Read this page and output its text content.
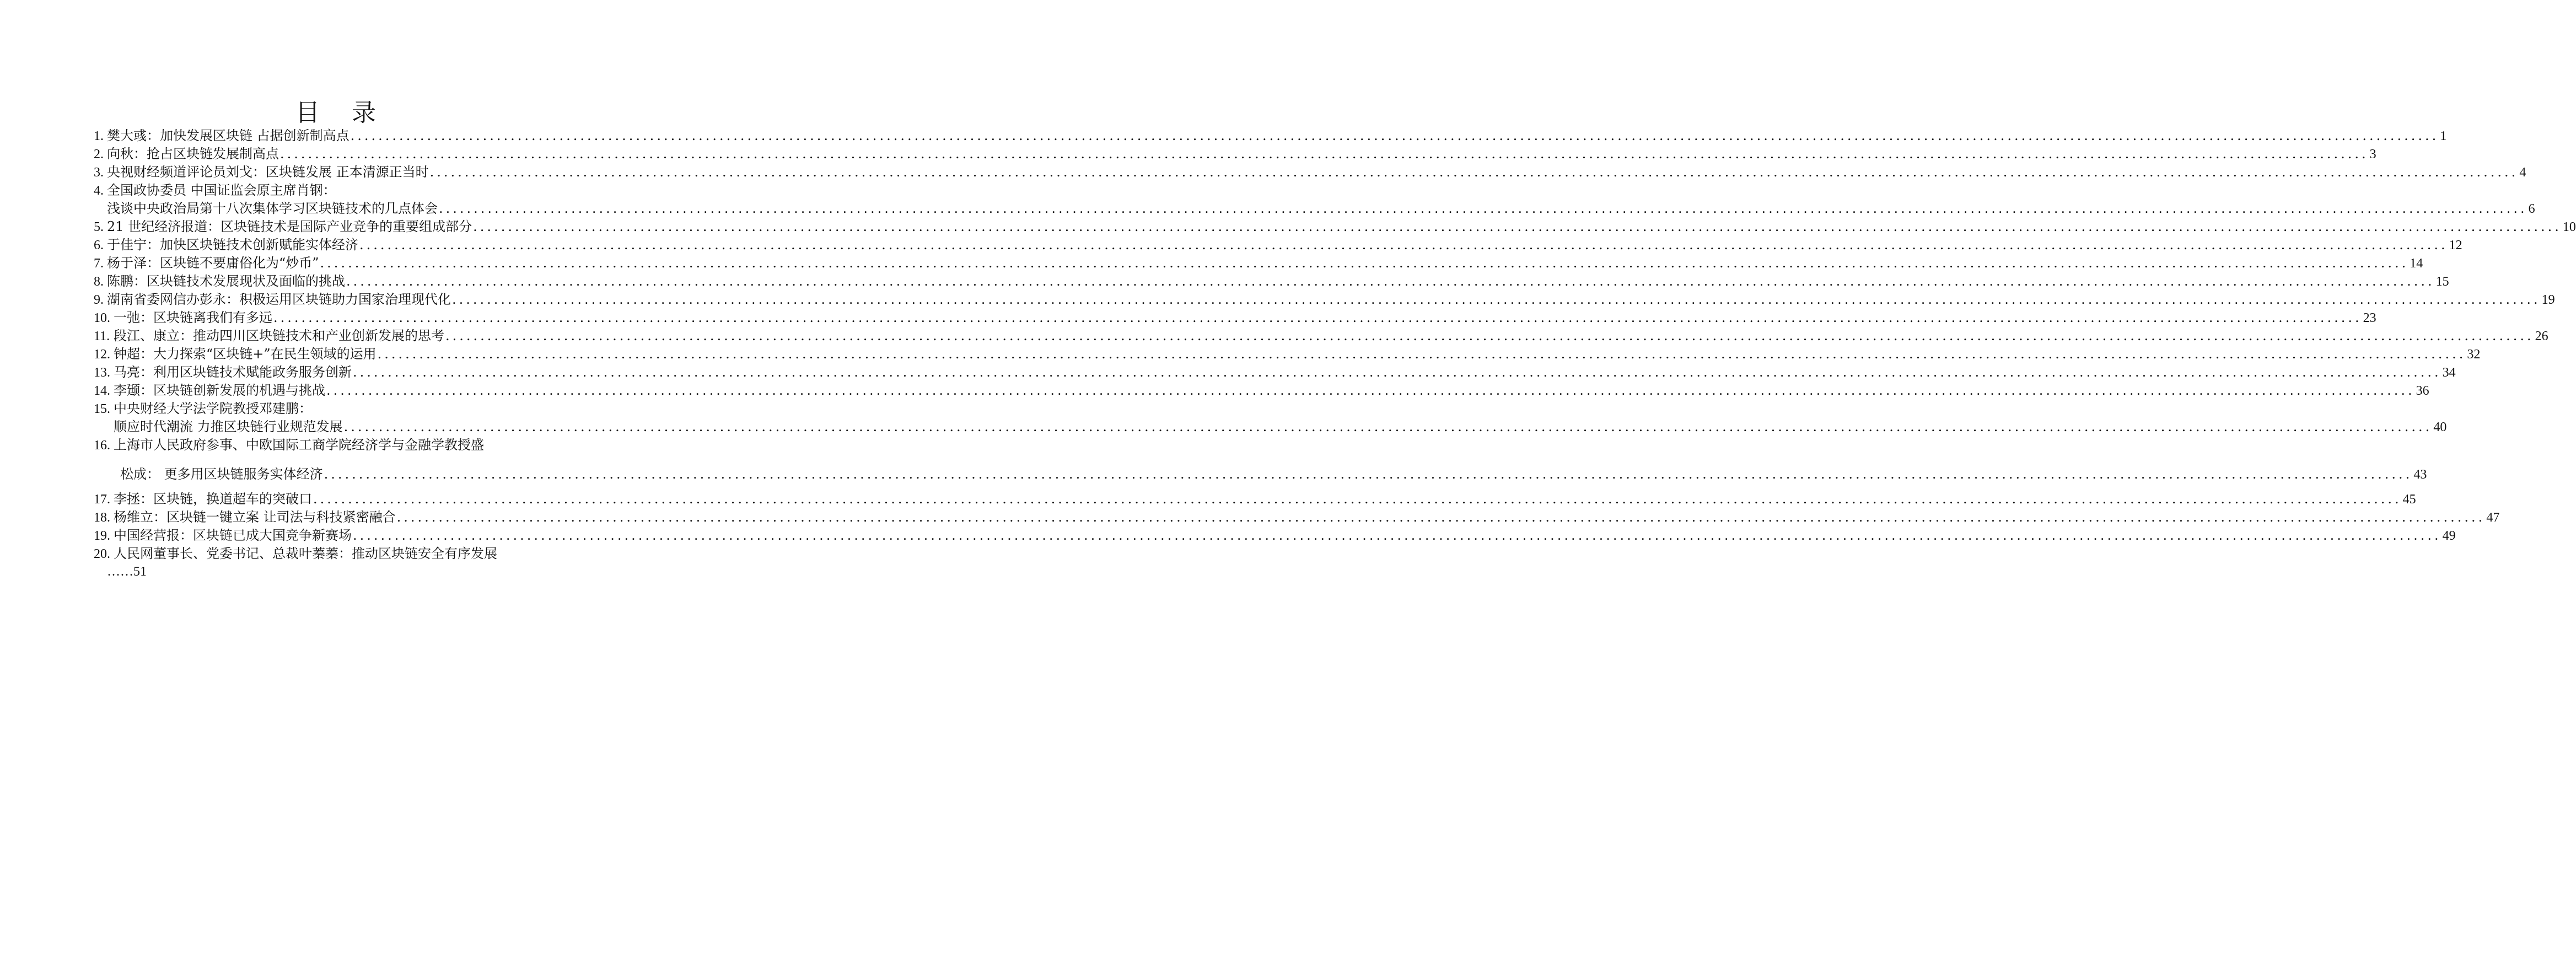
目 录
1. 樊大彧：加快发展区块链 占据创新制高点 ............................................................................................................................................................................................................................................................................................................ 1
2. 向秋：抢占区块链发展制高点 ............................................................................................................................................................................................................................................................................................................ 3
3. 央视财经频道评论员刘戈：区块链发展 正本清源正当时 ............................................................................................................................................................................................................................................................................................................ 4
4. 全国政协委员 中国证监会原主席肖钢：
浅谈中央政治局第十八次集体学习区块链技术的几点体会 ............................................................................................................................................................................................................................................................................................................ 6
5. 21 世纪经济报道：区块链技术是国际产业竞争的重要组成部分 ............................................................................................................................................................................................................................................................................................................ 10
6. 于佳宁：加快区块链技术创新赋能实体经济 ............................................................................................................................................................................................................................................................................................................ 12
7. 杨于泽：区块链不要庸俗化为“炒币” ............................................................................................................................................................................................................................................................................................................ 14
8. 陈鹏：区块链技术发展现状及面临的挑战 ............................................................................................................................................................................................................................................................................................................ 15
9. 湖南省委网信办彭永：积极运用区块链助力国家治理现代化 ............................................................................................................................................................................................................................................................................................................ 19
10. 一弛：区块链离我们有多远 ............................................................................................................................................................................................................................................................................................................ 23
11. 段江、康立：推动四川区块链技术和产业创新发展的思考 ............................................................................................................................................................................................................................................................................................................ 26
12. 钟超：大力探索“区块链+”在民生领域的运用 ............................................................................................................................................................................................................................................................................................................ 32
13. 马亮：利用区块链技术赋能政务服务创新 ............................................................................................................................................................................................................................................................................................................ 34
14. 李颋：区块链创新发展的机遇与挑战 ............................................................................................................................................................................................................................................................................................................ 36
15. 中央财经大学法学院教授邓建鹏：
顺应时代潮流 力推区块链行业规范发展 ............................................................................................................................................................................................................................................................................................................ 40
16. 上海市人民政府参事、中欧国际工商学院经济学与金融学教授盛
松成： 更多用区块链服务实体经济 ............................................................................................................................................................................................................................................................................................................ 43
17. 李拯：区块链，换道超车的突破口 ............................................................................................................................................................................................................................................................................................................ 45
18. 杨维立：区块链一键立案 让司法与科技紧密融合 ............................................................................................................................................................................................................................................................................................................ 47
19. 中国经营报：区块链已成大国竞争新赛场 ............................................................................................................................................................................................................................................................................................................ 49
20. 人民网董事长、党委书记、总裁叶蓁蓁：推动区块链安全有序发展
……51
